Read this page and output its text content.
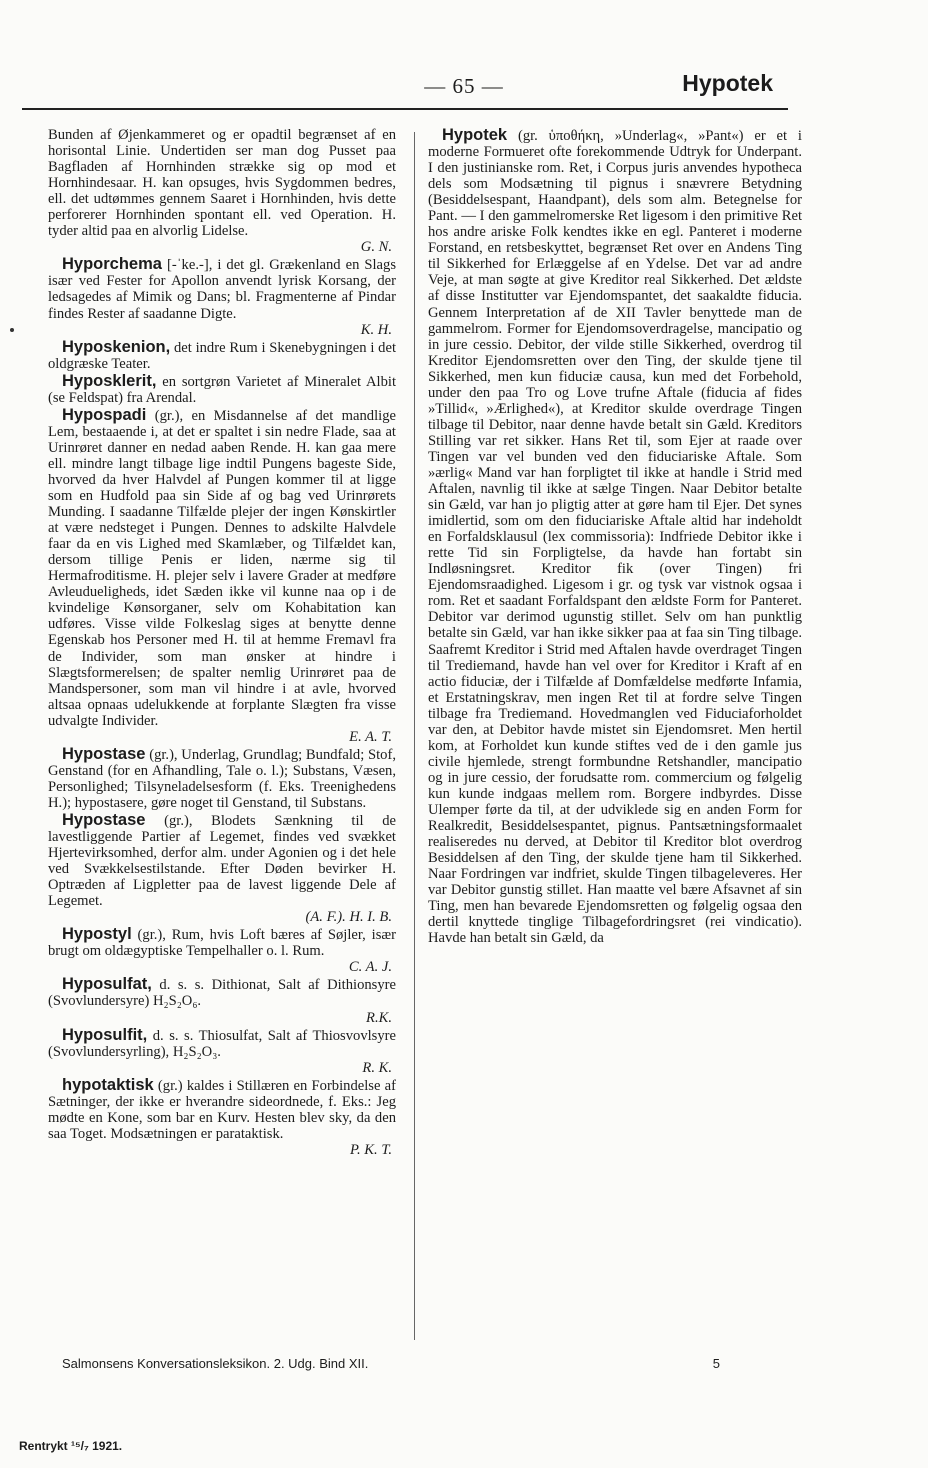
— 65 —	Hypotek

Bunden af Øjenkammeret og er opadtil begrænset af en horisontal Linie. Undertiden ser man dog Pusset paa Bagfladen af Hornhinden strække sig op mod et Hornhindesaar. H. kan opsuges, hvis Sygdommen bedres, ell. det udtømmes gennem Saaret i Hornhinden, hvis dette perforerer Hornhinden spontant ell. ved Operation. H. tyder altid paa en alvorlig Lidelse.
G. N.

Hyporchema [-ˈke.-], i det gl. Grækenland en Slags især ved Fester for Apollon anvendt lyrisk Korsang, der ledsagedes af Mimik og Dans; bl. Fragmenterne af Pindar findes Rester af saadanne Digte.
K. H.

Hyposkenion, det indre Rum i Skenebygningen i det oldgræske Teater.

Hyposklerit, en sortgrøn Varietet af Mineralet Albit (se Feldspat) fra Arendal.

Hypospadi (gr.), en Misdannelse af det mandlige Lem, bestaaende i, at det er spaltet i sin nedre Flade, saa at Urinrøret danner en nedad aaben Rende. H. kan gaa mere ell. mindre langt tilbage lige indtil Pungens bageste Side, hvorved da hver Halvdel af Pungen kommer til at ligge som en Hudfold paa sin Side af og bag ved Urinrørets Munding. I saadanne Tilfælde plejer der ingen Kønskirtler at være nedsteget i Pungen. Dennes to adskilte Halvdele faar da en vis Lighed med Skamlæber, og Tilfældet kan, dersom tillige Penis er liden, nærme sig til Hermafroditisme. H. plejer selv i lavere Grader at medføre Avleudueligheds, idet Sæden ikke vil kunne naa op i de kvindelige Kønsorganer, selv om Kohabitation kan udføres. Visse vilde Folkeslag siges at benytte denne Egenskab hos Personer med H. til at hemme Fremavl fra de Individer, som man ønsker at hindre i Slægtsformerelsen; de spalter nemlig Urinrøret paa de Mandspersoner, som man vil hindre i at avle, hvorved altsaa opnaas udelukkende at forplante Slægten fra visse udvalgte Individer.
E. A. T.

Hypostase (gr.), Underlag, Grundlag; Bundfald; Stof, Genstand (for en Afhandling, Tale o. l.); Substans, Væsen, Personlighed; Tilsyneladelsesform (f. Eks. Treenighedens H.); hypostasere, gøre noget til Genstand, til Substans.

Hypostase (gr.), Blodets Sænkning til de lavestliggende Partier af Legemet, findes ved svækket Hjertevirksomhed, derfor alm. under Agonien og i det hele ved Svækkelsestilstande. Efter Døden bevirker H. Optræden af Ligpletter paa de lavest liggende Dele af Legemet.
(A. F.). H. I. B.

Hypostyl (gr.), Rum, hvis Loft bæres af Søjler, især brugt om oldægyptiske Tempelhaller o. l. Rum.
C. A. J.

Hyposulfat, d. s. s. Dithionat, Salt af Dithionsyre (Svovlundersyre) H₂S₂O₆.
R.K.

Hyposulfit, d. s. s. Thiosulfat, Salt af Thiosvovlsyre (Svovlundersyrling), H₂S₂O₃.
R. K.

hypotaktisk (gr.) kaldes i Stillæren en Forbindelse af Sætninger, der ikke er hverandre sideordnede, f. Eks.: Jeg mødte en Kone, som bar en Kurv. Hesten blev sky, da den saa Toget. Modsætningen er parataktisk.
P. K. T.

Hypotek (gr. ὑποθήκη, »Underlag«, »Pant«) er et i moderne Formueret ofte forekommende Udtryk for Underpant. I den justinianske rom. Ret, i Corpus juris anvendes hypotheca dels som Modsætning til pignus i snævrere Betydning (Besiddelsespant, Haandpant), dels som alm. Betegnelse for Pant. — I den gammelromerske Ret ligesom i den primitive Ret hos andre ariske Folk kendtes ikke en egl. Panteret i moderne Forstand, en retsbeskyttet, begrænset Ret over en Andens Ting til Sikkerhed for Erlæggelse af en Ydelse. Det var ad andre Veje, at man søgte at give Kreditor real Sikkerhed. Det ældste af disse Institutter var Ejendomspantet, det saakaldte fiducia. Gennem Interpretation af de XII Tavler benyttede man de gammelrom. Former for Ejendomsoverdragelse, mancipatio og in jure cessio. Debitor, der vilde stille Sikkerhed, overdrog til Kreditor Ejendomsretten over den Ting, der skulde tjene til Sikkerhed, men kun fiduciæ causa, kun med det Forbehold, under den paa Tro og Love trufne Aftale (fiducia af fides »Tillid«, »Ærlighed«), at Kreditor skulde overdrage Tingen tilbage til Debitor, naar denne havde betalt sin Gæld. Kreditors Stilling var ret sikker. Hans Ret til, som Ejer at raade over Tingen var vel bunden ved den fiduciariske Aftale. Som »ærlig« Mand var han forpligtet til ikke at handle i Strid med Aftalen, navnlig til ikke at sælge Tingen. Naar Debitor betalte sin Gæld, var han jo pligtig atter at gøre ham til Ejer. Det synes imidlertid, som om den fiduciariske Aftale altid har indeholdt en Forfaldsklausul (lex commissoria): Indfriede Debitor ikke i rette Tid sin Forpligtelse, da havde han fortabt sin Indløsningsret. Kreditor fik (over Tingen) fri Ejendomsraadighed. Ligesom i gr. og tysk var vistnok ogsaa i rom. Ret et saadant Forfaldspant den ældste Form for Panteret. Debitor var derimod ugunstig stillet. Selv om han punktlig betalte sin Gæld, var han ikke sikker paa at faa sin Ting tilbage. Saafremt Kreditor i Strid med Aftalen havde overdraget Tingen til Trediemand, havde han vel over for Kreditor i Kraft af en actio fiduciæ, der i Tilfælde af Domfældelse medførte Infamia, et Erstatningskrav, men ingen Ret til at fordre selve Tingen tilbage fra Trediemand. Hovedmanglen ved Fiduciaforholdet var den, at Debitor havde mistet sin Ejendomsret. Men hertil kom, at Forholdet kun kunde stiftes ved de i den gamle jus civile hjemlede, strengt formbundne Retshandler, mancipatio og in jure cessio, der forudsatte rom. commercium og følgelig kun kunde indgaas mellem rom. Borgere indbyrdes. Disse Ulemper førte da til, at der udviklede sig en anden Form for Realkredit, Besiddelsespantet, pignus. Pantsætningsformaalet realiseredes nu derved, at Debitor til Kreditor blot overdrog Besiddelsen af den Ting, der skulde tjene ham til Sikkerhed. Naar Fordringen var indfriet, skulde Tingen tilbageleveres. Her var Debitor gunstig stillet. Han maatte vel bære Afsavnet af sin Ting, men han bevarede Ejendomsretten og følgelig ogsaa den dertil knyttede tinglige Tilbagefordringsret (rei vindicatio). Havde han betalt sin Gæld, da

Salmonsens Konversationsleksikon. 2. Udg. Bind XII.	5
Rentrykt ¹⁵/₇ 1921.
